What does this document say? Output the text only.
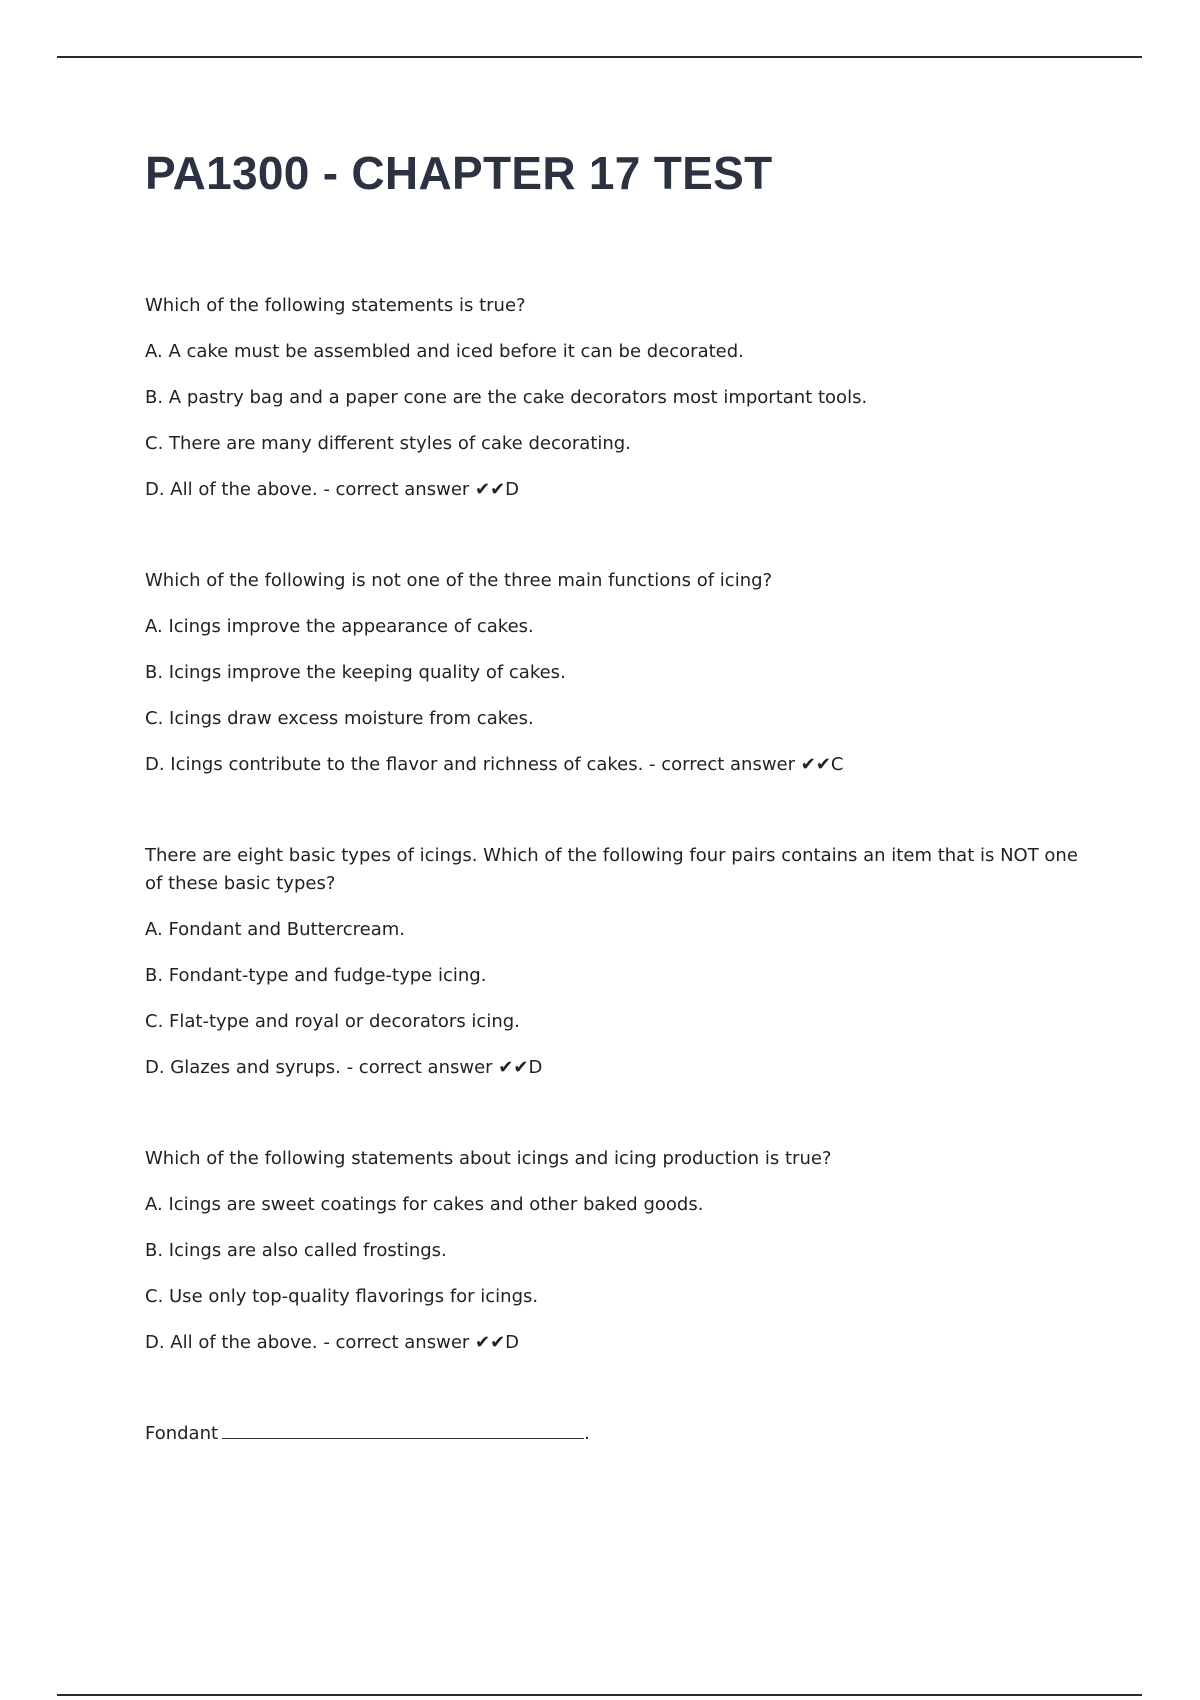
PA1300 - CHAPTER 17 TEST

Which of the following statements is true?

A. A cake must be assembled and iced before it can be decorated.

B. A pastry bag and a paper cone are the cake decorators most important tools.

C. There are many different styles of cake decorating.

D. All of the above. - correct answer ✔✔D

Which of the following is not one of the three main functions of icing?

A. Icings improve the appearance of cakes.

B. Icings improve the keeping quality of cakes.

C. Icings draw excess moisture from cakes.

D. Icings contribute to the flavor and richness of cakes. - correct answer ✔✔C

There are eight basic types of icings. Which of the following four pairs contains an item that is NOT one of these basic types?

A. Fondant and Buttercream.

B. Fondant-type and fudge-type icing.

C. Flat-type and royal or decorators icing.

D. Glazes and syrups. - correct answer ✔✔D

Which of the following statements about icings and icing production is true?

A. Icings are sweet coatings for cakes and other baked goods.

B. Icings are also called frostings.

C. Use only top-quality flavorings for icings.

D. All of the above. - correct answer ✔✔D

Fondant	.
